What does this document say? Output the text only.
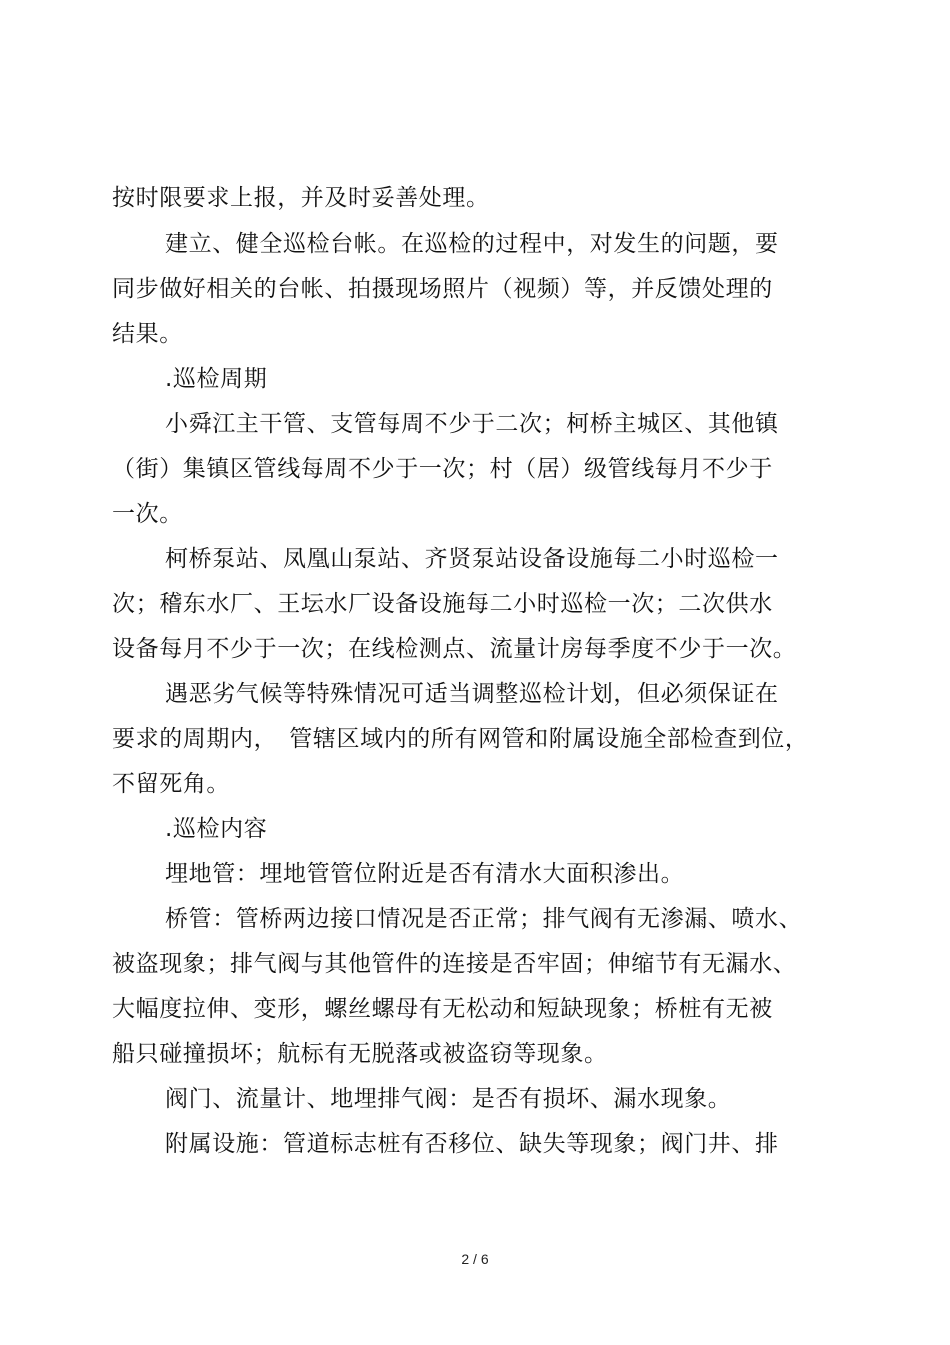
按时限要求上报，并及时妥善处理。
建立、健全巡检台帐。在巡检的过程中，对发生的问题，要
同步做好相关的台帐、拍摄现场照片（视频）等，并反馈处理的
结果。
.巡检周期
小舜江主干管、支管每周不少于二次；柯桥主城区、其他镇
（街）集镇区管线每周不少于一次；村（居）级管线每月不少于
一次。
柯桥泵站、凤凰山泵站、齐贤泵站设备设施每二小时巡检一
次；稽东水厂、王坛水厂设备设施每二小时巡检一次；二次供水
设备每月不少于一次；在线检测点、流量计房每季度不少于一次。
遇恶劣气候等特殊情况可适当调整巡检计划，但必须保证在
要求的周期内，　管辖区域内的所有网管和附属设施全部检查到位，
不留死角。
.巡检内容
埋地管：埋地管管位附近是否有清水大面积渗出。
桥管：管桥两边接口情况是否正常；排气阀有无渗漏、喷水、
被盗现象；排气阀与其他管件的连接是否牢固；伸缩节有无漏水、
大幅度拉伸、变形，螺丝螺母有无松动和短缺现象；桥桩有无被
船只碰撞损坏；航标有无脱落或被盗窃等现象。
阀门、流量计、地埋排气阀：是否有损坏、漏水现象。
附属设施：管道标志桩有否移位、缺失等现象；阀门井、排
2 / 6
